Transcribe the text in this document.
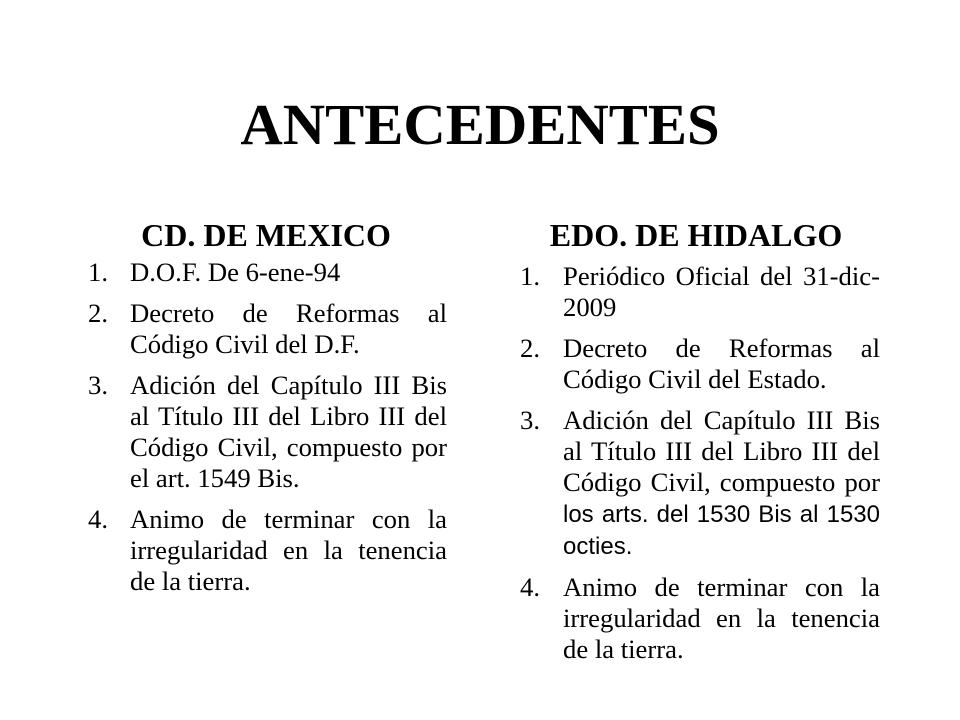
ANTECEDENTES
CD. DE MEXICO	EDO. DE HIDALGO
1. D.O.F. De 6-ene-94
2. Decreto de Reformas al Código Civil del D.F.
3. Adición del Capítulo III Bis al Título III del Libro III del Código Civil, compuesto por el art. 1549 Bis.
4. Animo de terminar con la irregularidad en la tenencia de la tierra.
1. Periódico Oficial del 31-dic-
2009
2. Decreto de Reformas al Código Civil del Estado.
3. Adición del Capítulo III Bis al Título III del Libro III del Código Civil, compuesto por los arts. del 1530 Bis al 1530 octies.
4. Animo de terminar con la irregularidad en la tenencia de la tierra.
